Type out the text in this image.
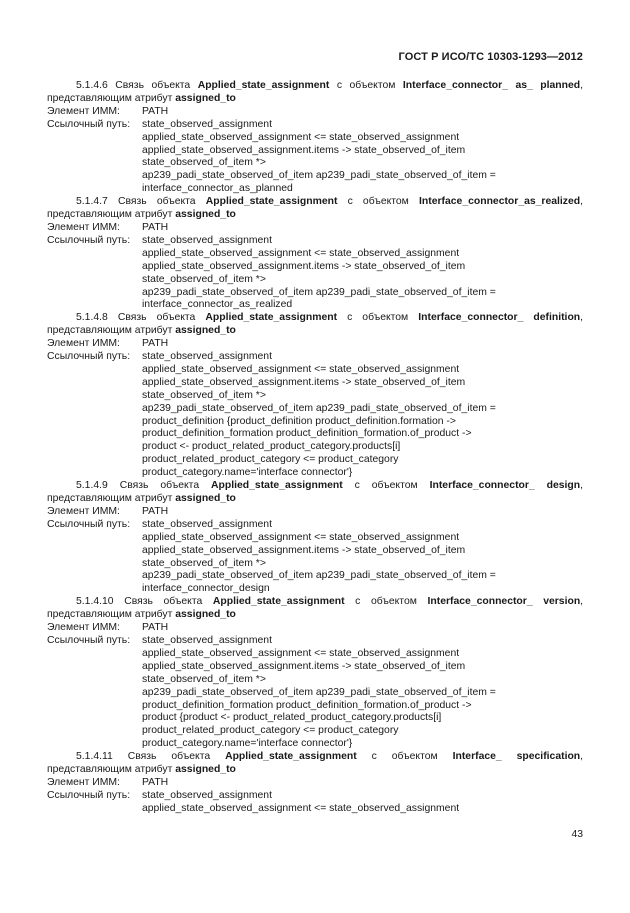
ГОСТ Р ИСО/ТС 10303-1293—2012
5.1.4.6 Связь объекта Applied_state_assignment с объектом Interface_connector_ as_ planned, представляющим атрибут assigned_to
Элемент ИММ:	PATH
Ссылочный путь:	state_observed_assignment
applied_state_observed_assignment <= state_observed_assignment
applied_state_observed_assignment.items -> state_observed_of_item
state_observed_of_item *>
ap239_padi_state_observed_of_item ap239_padi_state_observed_of_item =
interface_connector_as_planned
5.1.4.7 Связь объекта Applied_state_assignment с объектом Interface_connector_as_realized, представляющим атрибут assigned_to
Элемент ИММ:	PATH
Ссылочный путь:	state_observed_assignment
applied_state_observed_assignment <= state_observed_assignment
applied_state_observed_assignment.items -> state_observed_of_item
state_observed_of_item *>
ap239_padi_state_observed_of_item ap239_padi_state_observed_of_item =
interface_connector_as_realized
5.1.4.8 Связь объекта Applied_state_assignment с объектом Interface_connector_ definition, представляющим атрибут assigned_to
Элемент ИММ:	PATH
Ссылочный путь:	state_observed_assignment
applied_state_observed_assignment <= state_observed_assignment
applied_state_observed_assignment.items -> state_observed_of_item
state_observed_of_item *>
ap239_padi_state_observed_of_item ap239_padi_state_observed_of_item =
product_definition {product_definition product_definition.formation ->
product_definition_formation product_definition_formation.of_product ->
product <- product_related_product_category.products[i]
product_related_product_category <= product_category
product_category.name='interface connector'}
5.1.4.9 Связь объекта Applied_state_assignment с объектом Interface_connector_ design, представляющим атрибут assigned_to
Элемент ИММ:	PATH
Ссылочный путь:	state_observed_assignment
applied_state_observed_assignment <= state_observed_assignment
applied_state_observed_assignment.items -> state_observed_of_item
state_observed_of_item *>
ap239_padi_state_observed_of_item ap239_padi_state_observed_of_item =
interface_connector_design
5.1.4.10 Связь объекта Applied_state_assignment с объектом Interface_connector_ version, представляющим атрибут assigned_to
Элемент ИММ:	PATH
Ссылочный путь:	state_observed_assignment
applied_state_observed_assignment <= state_observed_assignment
applied_state_observed_assignment.items -> state_observed_of_item
state_observed_of_item *>
ap239_padi_state_observed_of_item ap239_padi_state_observed_of_item =
product_definition_formation product_definition_formation.of_product ->
product {product <- product_related_product_category.products[i]
product_related_product_category <= product_category
product_category.name='interface connector'}
5.1.4.11 Связь объекта Applied_state_assignment с объектом Interface_ specification, представляющим атрибут assigned_to
Элемент ИММ:	PATH
Ссылочный путь:	state_observed_assignment
applied_state_observed_assignment <= state_observed_assignment
43
